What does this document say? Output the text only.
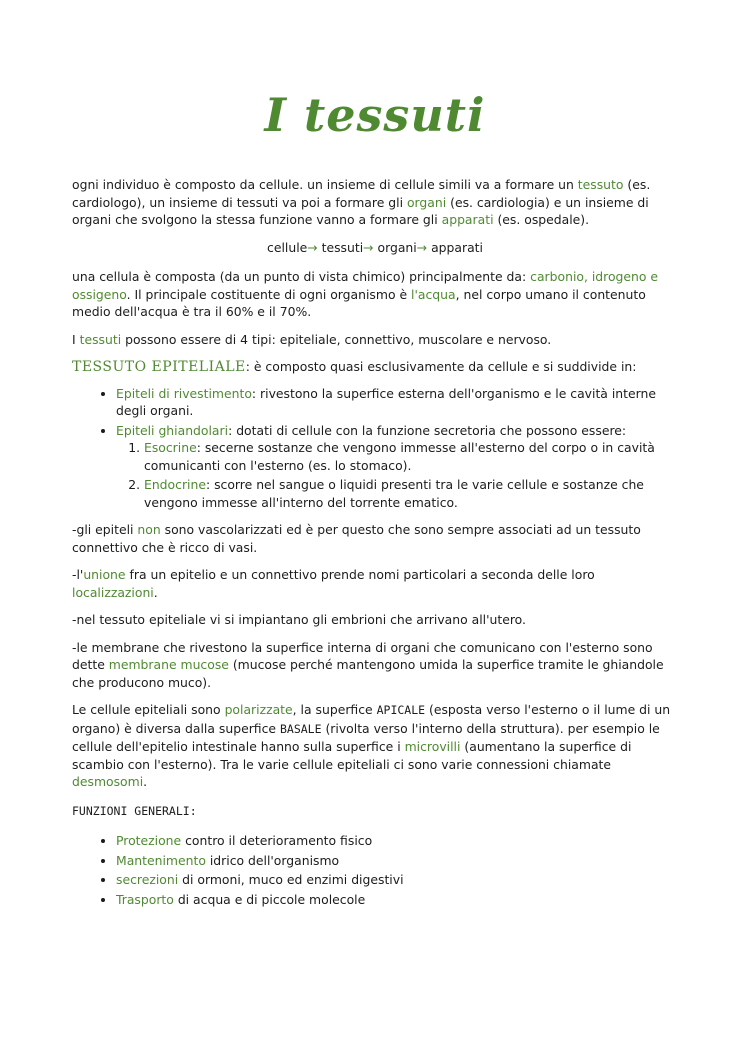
I tessuti

ogni individuo è composto da cellule. un insieme di cellule simili va a formare un tessuto (es. cardiologo), un insieme di tessuti va poi a formare gli organi (es. cardiologia) e un insieme di organi che svolgono la stessa funzione vanno a formare gli apparati (es. ospedale).

cellule→ tessuti→ organi→ apparati

una cellula è composta (da un punto di vista chimico) principalmente da: carbonio, idrogeno e ossigeno. Il principale costituente di ogni organismo è l'acqua, nel corpo umano il contenuto medio dell'acqua è tra il 60% e il 70%.

I tessuti possono essere di 4 tipi: epiteliale, connettivo, muscolare e nervoso.

TESSUTO EPITELIALE: è composto quasi esclusivamente da cellule e si suddivide in:

• Epiteli di rivestimento: rivestono la superfice esterna dell'organismo e le cavità interne degli organi.
• Epiteli ghiandolari: dotati di cellule con la funzione secretoria che possono essere:
1. Esocrine: secerne sostanze che vengono immesse all'esterno del corpo o in cavità comunicanti con l'esterno (es. lo stomaco).
2. Endocrine: scorre nel sangue o liquidi presenti tra le varie cellule e sostanze che vengono immesse all'interno del torrente ematico.

-gli epiteli non sono vascolarizzati ed è per questo che sono sempre associati ad un tessuto connettivo che è ricco di vasi.

-l'unione fra un epitelio e un connettivo prende nomi particolari a seconda delle loro localizzazioni.

-nel tessuto epiteliale vi si impiantano gli embrioni che arrivano all'utero.

-le membrane che rivestono la superfice interna di organi che comunicano con l'esterno sono dette membrane mucose (mucose perché mantengono umida la superfice tramite le ghiandole che producono muco).

Le cellule epiteliali sono polarizzate, la superfice APICALE (esposta verso l'esterno o il lume di un organo) è diversa dalla superfice BASALE (rivolta verso l'interno della struttura). per esempio le cellule dell'epitelio intestinale hanno sulla superfice i microvilli (aumentano la superfice di scambio con l'esterno). Tra le varie cellule epiteliali ci sono varie connessioni chiamate desmosomi.

FUNZIONI GENERALI:
• Protezione contro il deterioramento fisico
• Mantenimento idrico dell'organismo
• secrezioni di ormoni, muco ed enzimi digestivi
• Trasporto di acqua e di piccole molecole
